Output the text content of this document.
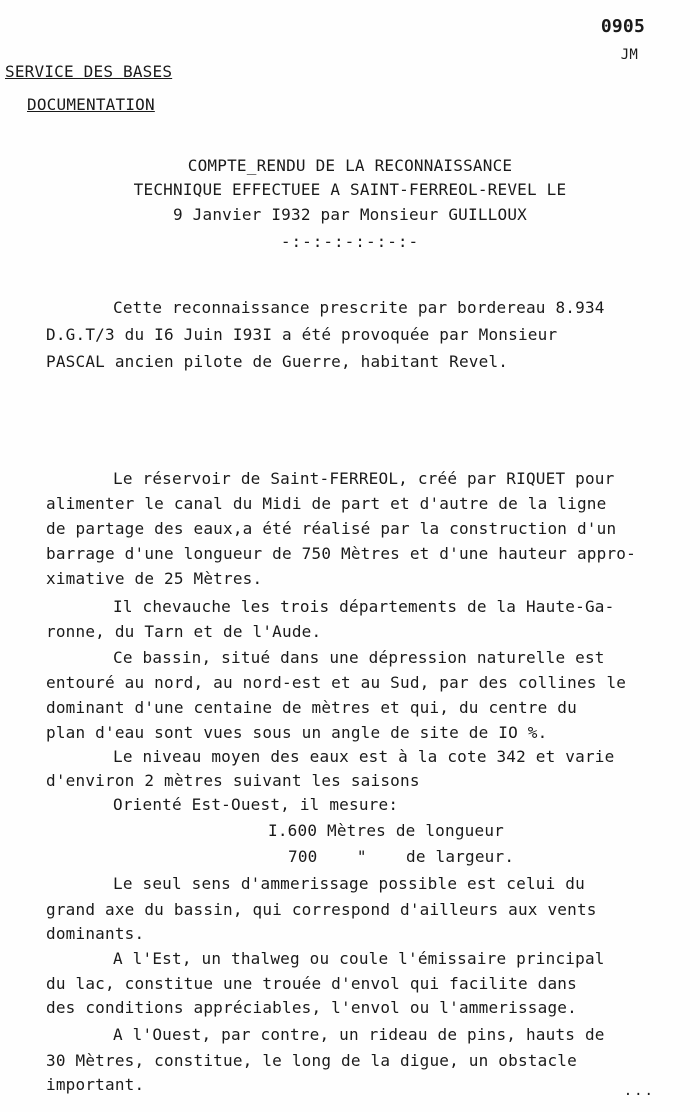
0905
JM
SERVICE DES BASES
DOCUMENTATION
COMPTE_RENDU DE LA RECONNAISSANCE
TECHNIQUE EFFECTUEE A SAINT-FERREOL-REVEL LE
9 Janvier I932 par Monsieur GUILLOUX
-:-:-:-:-:-:-
Cette reconnaissance prescrite par bordereau 8.934
D.G.T/3 du I6 Juin I93I a été provoquée par Monsieur
PASCAL ancien pilote de Guerre, habitant Revel.
Le réservoir de Saint-FERREOL, créé par RIQUET pour
alimenter le canal du Midi de part et d'autre de la ligne
de partage des eaux,a été réalisé par la construction d'un
barrage d'une longueur de 750 Mètres et d'une hauteur appro-
ximative de 25 Mètres.
Il chevauche les trois départements de la Haute-Ga-
ronne, du Tarn et de l'Aude.
Ce bassin, situé dans une dépression naturelle est
entouré au nord, au nord-est et au Sud, par des collines le
dominant d'une centaine de mètres et qui, du centre du
plan d'eau sont vues sous un angle de site de IO %.
Le niveau moyen des eaux est à la cote 342 et varie
d'environ 2 mètres suivant les saisons
Orienté Est-Ouest, il mesure:
I.600 Mètres de longueur
700    "    de largeur.
Le seul sens d'ammerissage possible est celui du
grand axe du bassin, qui correspond d'ailleurs aux vents
dominants.
A l'Est, un thalweg ou coule l'émissaire principal
du lac, constitue une trouée d'envol qui facilite dans
des conditions appréciables, l'envol ou l'ammerissage.
A l'Ouest, par contre, un rideau de pins, hauts de
30 Mètres, constitue, le long de la digue, un obstacle
important.	...
